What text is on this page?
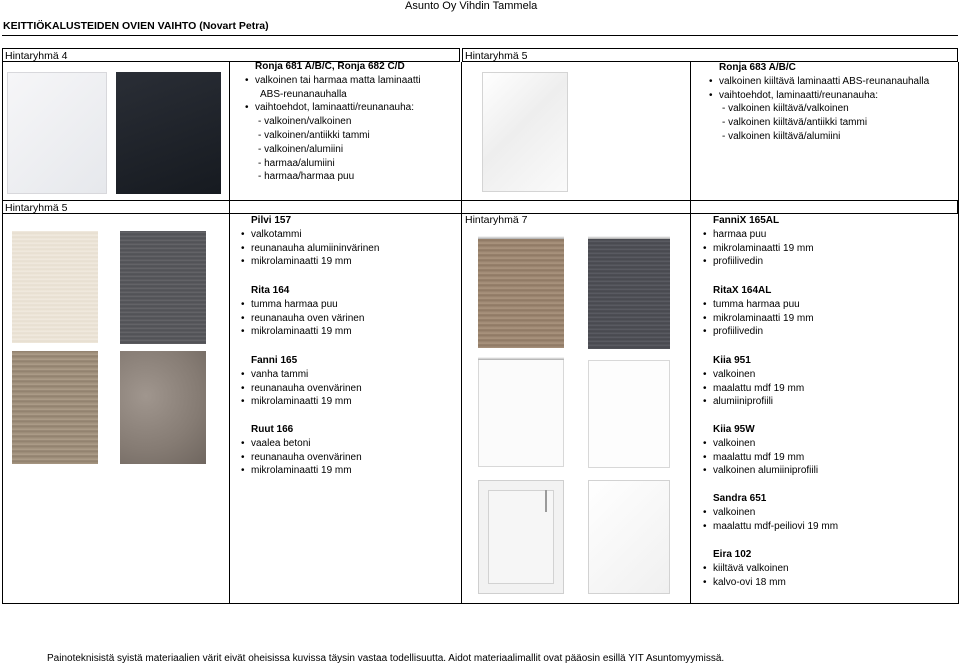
Asunto Oy Vihdin Tammela
KEITTIÖKALUSTEIDEN OVIEN VAIHTO (Novart Petra)
Hintaryhmä 4	Hintaryhmä 5
Hintaryhmä 5
Hintaryhmä 7
Ronja 681 A/B/C, Ronja 682 C/D
• valkoinen tai harmaa matta laminaatti
ABS-reunanauhalla
• vaihtoehdot, laminaatti/reunanauha:
- valkoinen/valkoinen
- valkoinen/antiikki tammi
- valkoinen/alumiini
- harmaa/alumiini
- harmaa/harmaa puu
Ronja 683 A/B/C
• valkoinen kiiltävä laminaatti ABS-reunanauhalla
• vaihtoehdot, laminaatti/reunanauha:
- valkoinen kiiltävä/valkoinen
- valkoinen kiiltävä/antiikki tammi
- valkoinen kiiltävä/alumiini
Pilvi 157
• valkotammi
• reunanauha alumiininvärinen
• mikrolaminaatti 19 mm
Rita 164
• tumma harmaa puu
• reunanauha oven värinen
• mikrolaminaatti 19 mm
Fanni 165
• vanha tammi
• reunanauha ovenvärinen
• mikrolaminaatti 19 mm
Ruut 166
• vaalea betoni
• reunanauha ovenvärinen
• mikrolaminaatti 19 mm
FanniX 165AL
• harmaa puu
• mikrolaminaatti 19 mm
• profiilivedin
RitaX 164AL
• tumma harmaa puu
• mikrolaminaatti 19 mm
• profiilivedin
Kiia 951
• valkoinen
• maalattu mdf 19 mm
• alumiiniprofiili
Kiia 95W
• valkoinen
• maalattu mdf 19 mm
• valkoinen alumiiniprofiili
Sandra 651
• valkoinen
• maalattu mdf-peiliovi 19 mm
Eira 102
• kiiltävä valkoinen
• kalvo-ovi 18 mm
Painoteknisistä syistä materiaalien värit eivät oheisissa kuvissa täysin vastaa todellisuutta. Aidot materiaalimallit ovat pääosin esillä YIT Asuntomyymissä.
